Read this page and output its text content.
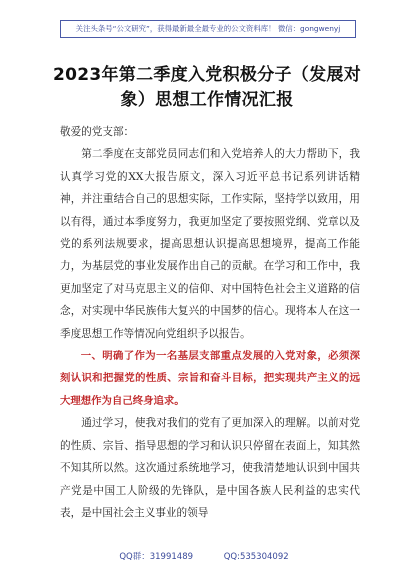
关注头条号“公文研究”，获得最新最全最专业的公文资料库！ 微信：gongwenyj
2023年第二季度入党积极分子（发展对象）思想工作情况汇报

敬爱的党支部：

第二季度在支部党员同志们和入党培养人的大力帮助下，我认真学习党的XX大报告原文，深入习近平总书记系列讲话精神，并注重结合自己的思想实际，工作实际，坚持学以致用，用以有得，通过本季度努力，我更加坚定了要按照党纲、党章以及党的系列法规要求，提高思想认识提高思想境界，提高工作能力，为基层党的事业发展作出自己的贡献。在学习和工作中，我更加坚定了对马克思主义的信仰、对中国特色社会主义道路的信念，对实现中华民族伟大复兴的中国梦的信心。现将本人在这一季度思想工作等情况向党组织予以报告。

一、明确了作为一名基层支部重点发展的入党对象，必须深刻认识和把握党的性质、宗旨和奋斗目标，把实现共产主义的远大理想作为自己终身追求。

通过学习，使我对我们的党有了更加深入的理解。以前对党的性质、宗旨、指导思想的学习和认识只停留在表面上，知其然不知其所以然。这次通过系统地学习，使我清楚地认识到中国共产党是中国工人阶级的先锋队，是中国各族人民利益的忠实代表，是中国社会主义事业的领导

QQ群：31991489	QQ:535304092
